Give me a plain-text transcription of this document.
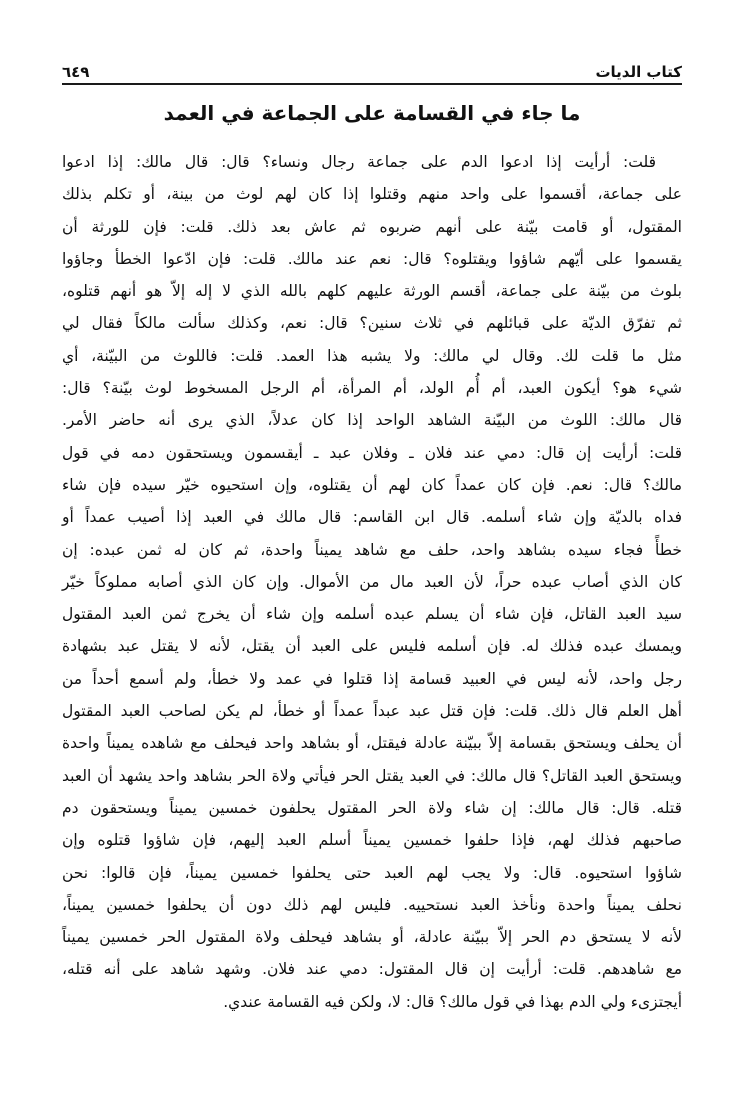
كتاب الديات
٦٤٩
ما جاء في القسامة على الجماعة في العمد
قلت: أرأيت إذا ادعوا الدم على جماعة رجال ونساء؟ قال: قال مالك: إذا ادعوا
على جماعة، أقسموا على واحد منهم وقتلوا إذا كان لهم لوث من بينة، أو تكلم بذلك
المقتول، أو قامت بيّنة على أنهم ضربوه ثم عاش بعد ذلك. قلت: فإن للورثة أن
يقسموا على أيّهم شاؤوا ويقتلوه؟ قال: نعم عند مالك. قلت: فإن ادّعوا الخطأ وجاؤوا
بلوث من بيّنة على جماعة، أقسم الورثة عليهم كلهم بالله الذي لا إله إلاّ هو أنهم قتلوه،
ثم تفرّق الديّة على قبائلهم في ثلاث سنين؟ قال: نعم، وكذلك سألت مالكاً فقال لي
مثل ما قلت لك. وقال لي مالك: ولا يشبه هذا العمد. قلت: فاللوث من البيّنة، أي
شيء هو؟ أيكون العبد، أم أُم الولد، أم المرأة، أم الرجل المسخوط لوث بيّنة؟ قال:
قال مالك: اللوث من البيّنة الشاهد الواحد إذا كان عدلاً، الذي يرى أنه حاضر الأمر.
قلت: أرأيت إن قال: دمي عند فلان ـ وفلان عبد ـ أيقسمون ويستحقون دمه في قول
مالك؟ قال: نعم. فإن كان عمداً كان لهم أن يقتلوه، وإن استحيوه خيّر سيده فإن شاء
فداه بالديّة وإن شاء أسلمه. قال ابن القاسم: قال مالك في العبد إذا أصيب عمداً أو
خطأً فجاء سيده بشاهد واحد، حلف مع شاهد يميناً واحدة، ثم كان له ثمن عبده: إن
كان الذي أصاب عبده حراً، لأن العبد مال من الأموال. وإن كان الذي أصابه مملوكاً خيّر
سيد العبد القاتل، فإن شاء أن يسلم عبده أسلمه وإن شاء أن يخرج ثمن العبد المقتول
ويمسك عبده فذلك له. فإن أسلمه فليس على العبد أن يقتل، لأنه لا يقتل عبد بشهادة
رجل واحد، لأنه ليس في العبيد قسامة إذا قتلوا في عمد ولا خطأ، ولم أسمع أحداً من
أهل العلم قال ذلك. قلت: فإن قتل عبد عبداً عمداً أو خطأ، لم يكن لصاحب العبد المقتول
أن يحلف ويستحق بقسامة إلاّ ببيّنة عادلة فيقتل، أو بشاهد واحد فيحلف مع شاهده يميناً واحدة
ويستحق العبد القاتل؟ قال مالك: في العبد يقتل الحر فيأتي ولاة الحر بشاهد واحد يشهد أن العبد
قتله. قال: قال مالك: إن شاء ولاة الحر المقتول يحلفون خمسين يميناً ويستحقون دم
صاحبهم فذلك لهم، فإذا حلفوا خمسين يميناً أسلم العبد إليهم، فإن شاؤوا قتلوه وإن
شاؤوا استحيوه. قال: ولا يجب لهم العبد حتى يحلفوا خمسين يميناً، فإن قالوا: نحن
نحلف يميناً واحدة ونأخذ العبد نستحييه. فليس لهم ذلك دون أن يحلفوا خمسين يميناً،
لأنه لا يستحق دم الحر إلاّ ببيّنة عادلة، أو بشاهد فيحلف ولاة المقتول الحر خمسين يميناً
مع شاهدهم. قلت: أرأيت إن قال المقتول: دمي عند فلان. وشهد شاهد على أنه قتله،
أيجتزىء ولي الدم بهذا في قول مالك؟ قال: لا، ولكن فيه القسامة عندي.
